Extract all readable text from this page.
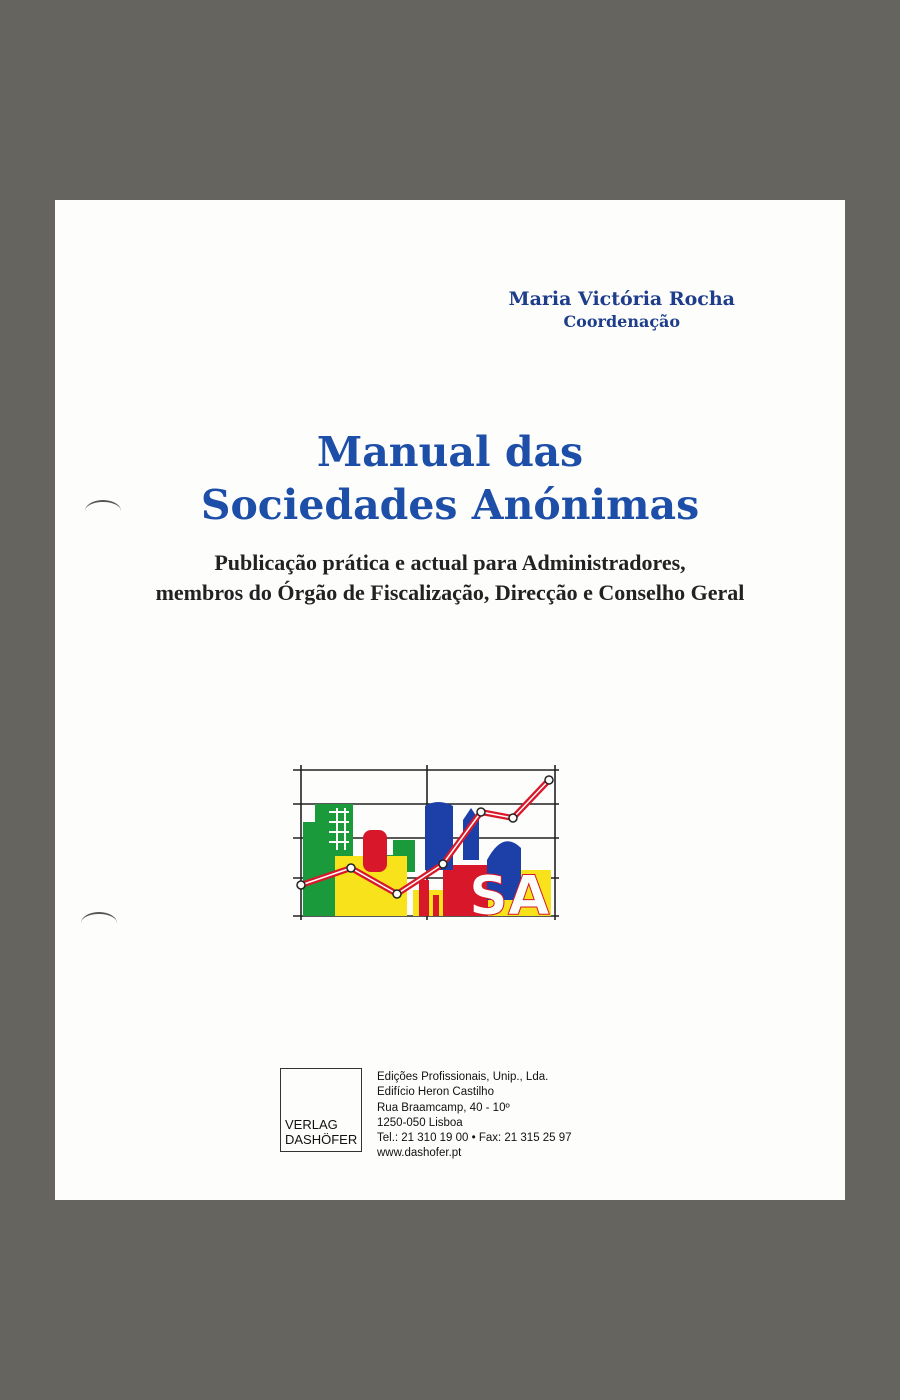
Maria Victória Rocha
Coordenação
Manual das
Sociedades Anónimas
Publicação prática e actual para Administradores,
membros do Órgão de Fiscalização, Direcção e Conselho Geral
SA
VERLAG
DASHÖFER
Edições Profissionais, Unip., Lda.
Edifício Heron Castilho
Rua Braamcamp, 40 - 10º
1250-050 Lisboa
Tel.: 21 310 19 00 • Fax: 21 315 25 97
www.dashofer.pt
